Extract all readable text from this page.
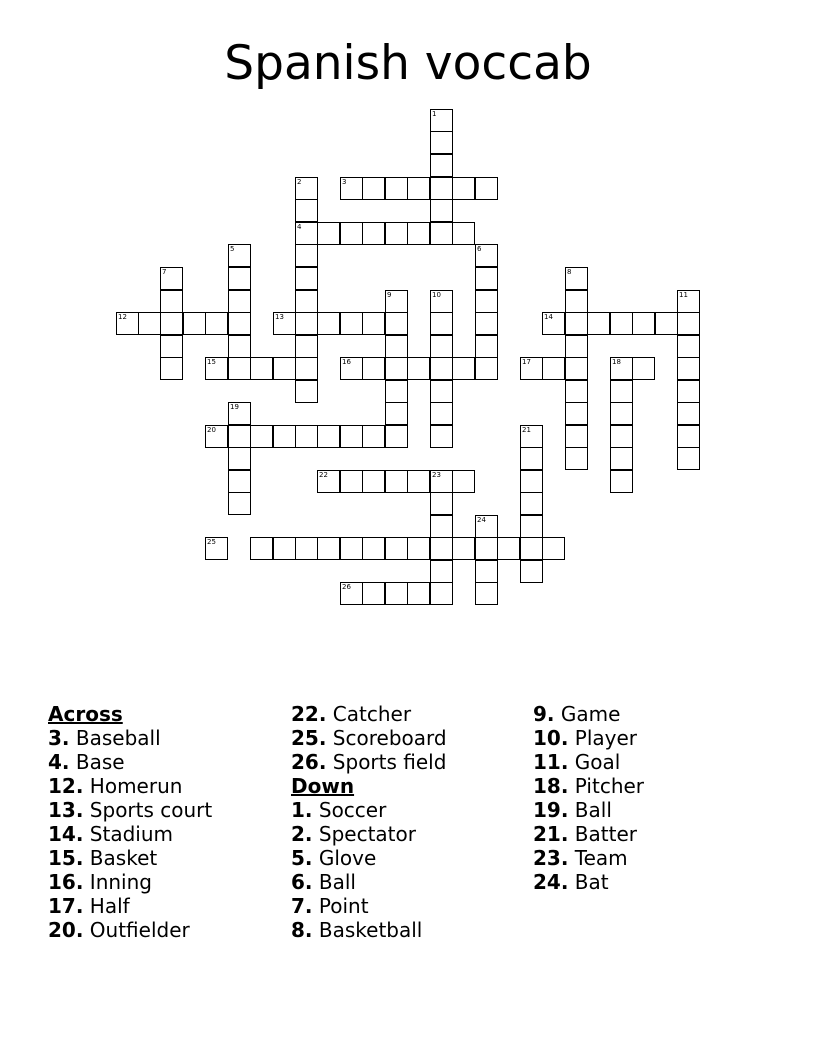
Spanish voccab
1
3
2
4
5	6
7	8
9	10	11
12	13	14
15	16	17	18
19
20	21
22	23
24
25
26
Across
3. Baseball
4. Base
12. Homerun
13. Sports court
14. Stadium
15. Basket
16. Inning
17. Half
20. Outfielder
22. Catcher
25. Scoreboard
26. Sports field
Down
1. Soccer
2. Spectator
5. Glove
6. Ball
7. Point
8. Basketball
9. Game
10. Player
11. Goal
18. Pitcher
19. Ball
21. Batter
23. Team
24. Bat
